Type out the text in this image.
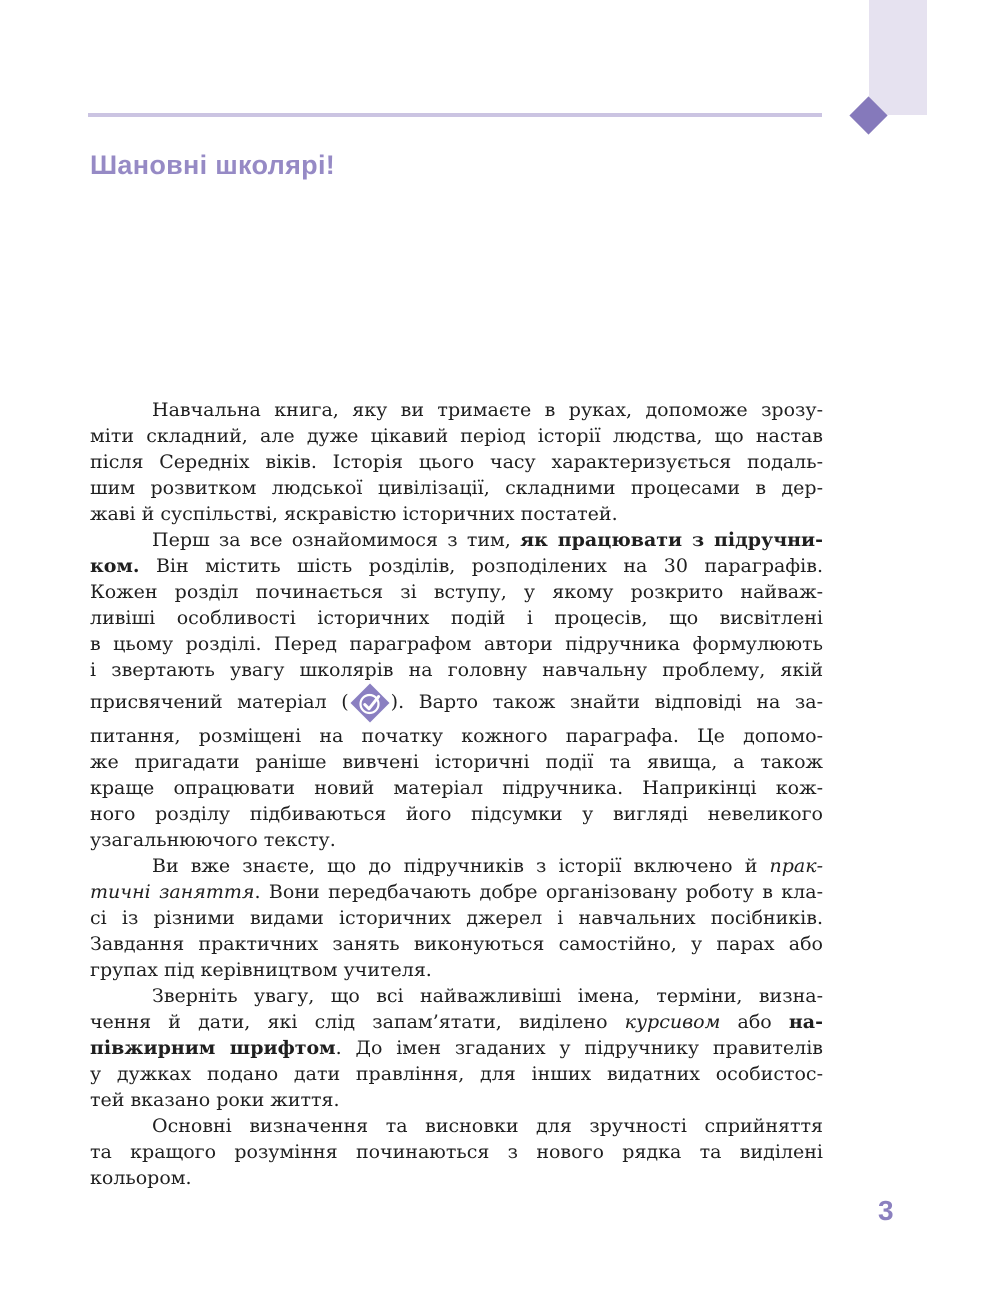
Шановні школярі!
Навчальна книга, яку ви тримаєте в руках, допоможе зрозу-
міти складний, але дуже цікавий період історії людства, що настав
після Середніх віків. Історія цього часу характеризується подаль-
шим розвитком людської цивілізації, складними процесами в дер-
жаві й суспільстві, яскравістю історичних постатей.
Перш за все ознайомимося з тим, як працювати з підручни-
ком. Він містить шість розділів, розподілених на 30 параграфів.
Кожен розділ починається зі вступу, у якому розкрито найваж-
ливіші особливості історичних подій і процесів, що висвітлені
в цьому розділі. Перед параграфом автори підручника формулюють
і звертають увагу школярів на головну навчальну проблему, якій
присвячений матеріал ( ). Варто також знайти відповіді на за-
питання, розміщені на початку кожного параграфа. Це допомо-
же пригадати раніше вивчені історичні події та явища, а також
краще опрацювати новий матеріал підручника. Наприкінці кож-
ного розділу підбиваються його підсумки у вигляді невеликого
узагальнюючого тексту.
Ви вже знаєте, що до підручників з історії включено й прак-
тичні заняття. Вони передбачають добре організовану роботу в кла-
сі із різними видами історичних джерел і навчальних посібників.
Завдання практичних занять виконуються самостійно, у парах або
групах під керівництвом учителя.
Зверніть увагу, що всі найважливіші імена, терміни, визна-
чення й дати, які слід запам’ятати, виділено курсивом або на-
півжирним шрифтом. До імен згаданих у підручнику правителів
у дужках подано дати правління, для інших видатних особистос-
тей вказано роки життя.
Основні визначення та висновки для зручності сприйняття
та кращого розуміння починаються з нового рядка та виділені
кольором.
3
